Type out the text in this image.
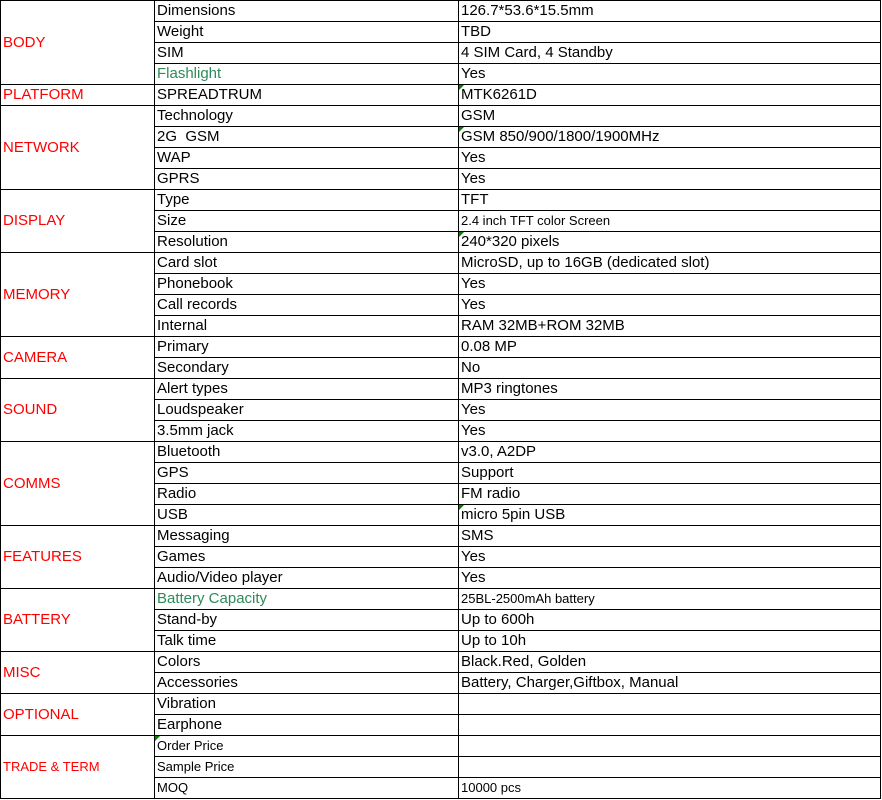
BODY	Dimensions	126.7*53.6*15.5mm
	Weight	TBD
	SIM	4 SIM Card, 4 Standby
	Flashlight	Yes
PLATFORM	SPREADTRUM	MTK6261D
NETWORK	Technology	GSM
	2G  GSM	GSM 850/900/1800/1900MHz
	WAP	Yes
	GPRS	Yes
DISPLAY	Type	TFT
	Size	2.4 inch TFT color Screen
	Resolution	240*320 pixels
MEMORY	Card slot	MicroSD, up to 16GB (dedicated slot)
	Phonebook	Yes
	Call records	Yes
	Internal	RAM 32MB+ROM 32MB
CAMERA	Primary	0.08 MP
	Secondary	No
SOUND	Alert types	MP3 ringtones
	Loudspeaker	Yes
	3.5mm jack	Yes
COMMS	Bluetooth	v3.0, A2DP
	GPS	Support
	Radio	FM radio
	USB	micro 5pin USB
FEATURES	Messaging	SMS
	Games	Yes
	Audio/Video player	Yes
BATTERY	Battery Capacity	25BL-2500mAh battery
	Stand-by	Up to 600h
	Talk time	Up to 10h
MISC	Colors	Black.Red, Golden
	Accessories	Battery, Charger,Giftbox, Manual
OPTIONAL	Vibration	
	Earphone	
TRADE & TERM	Order Price	
	Sample Price	
	MOQ	10000 pcs
